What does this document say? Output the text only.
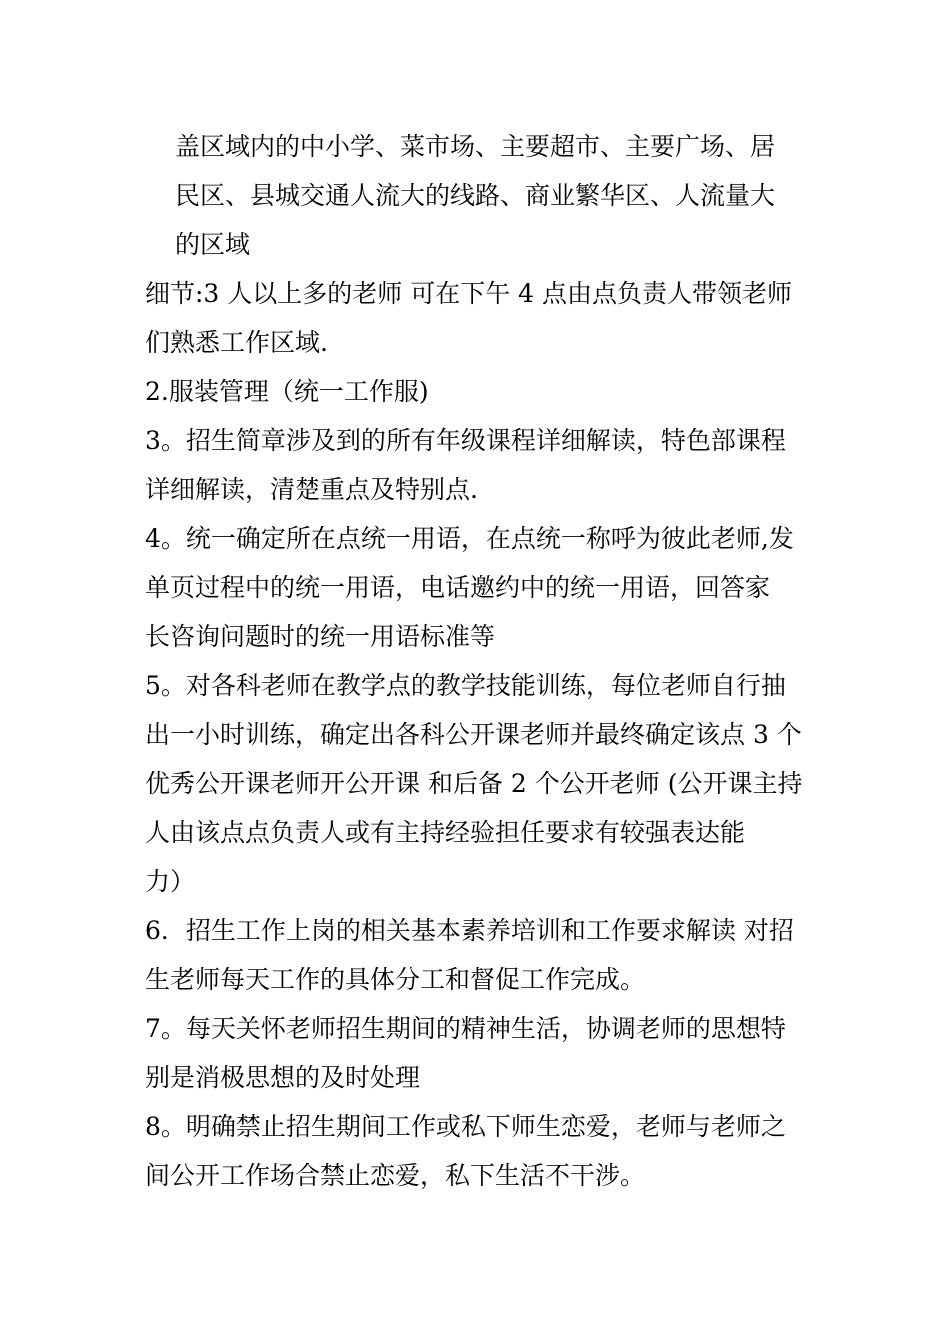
盖区域内的中小学、菜市场、主要超市、主要广场、居
民区、县城交通人流大的线路、商业繁华区、人流量大
的区域
细节:3 人以上多的老师 可在下午 4 点由点负责人带领老师
们熟悉工作区域.
2.服装管理（统一工作服)
3。招生简章涉及到的所有年级课程详细解读，特色部课程
详细解读，清楚重点及特别点.
4。统一确定所在点统一用语，在点统一称呼为彼此老师,发
单页过程中的统一用语，电话邀约中的统一用语，回答家
长咨询问题时的统一用语标准等
5。对各科老师在教学点的教学技能训练，每位老师自行抽
出一小时训练，确定出各科公开课老师并最终确定该点 3 个
优秀公开课老师开公开课 和后备 2 个公开老师 (公开课主持
人由该点点负责人或有主持经验担任要求有较强表达能
力）
6．招生工作上岗的相关基本素养培训和工作要求解读 对招
生老师每天工作的具体分工和督促工作完成。
7。每天关怀老师招生期间的精神生活，协调老师的思想特
别是消极思想的及时处理
8。明确禁止招生期间工作或私下师生恋爱，老师与老师之
间公开工作场合禁止恋爱，私下生活不干涉。
